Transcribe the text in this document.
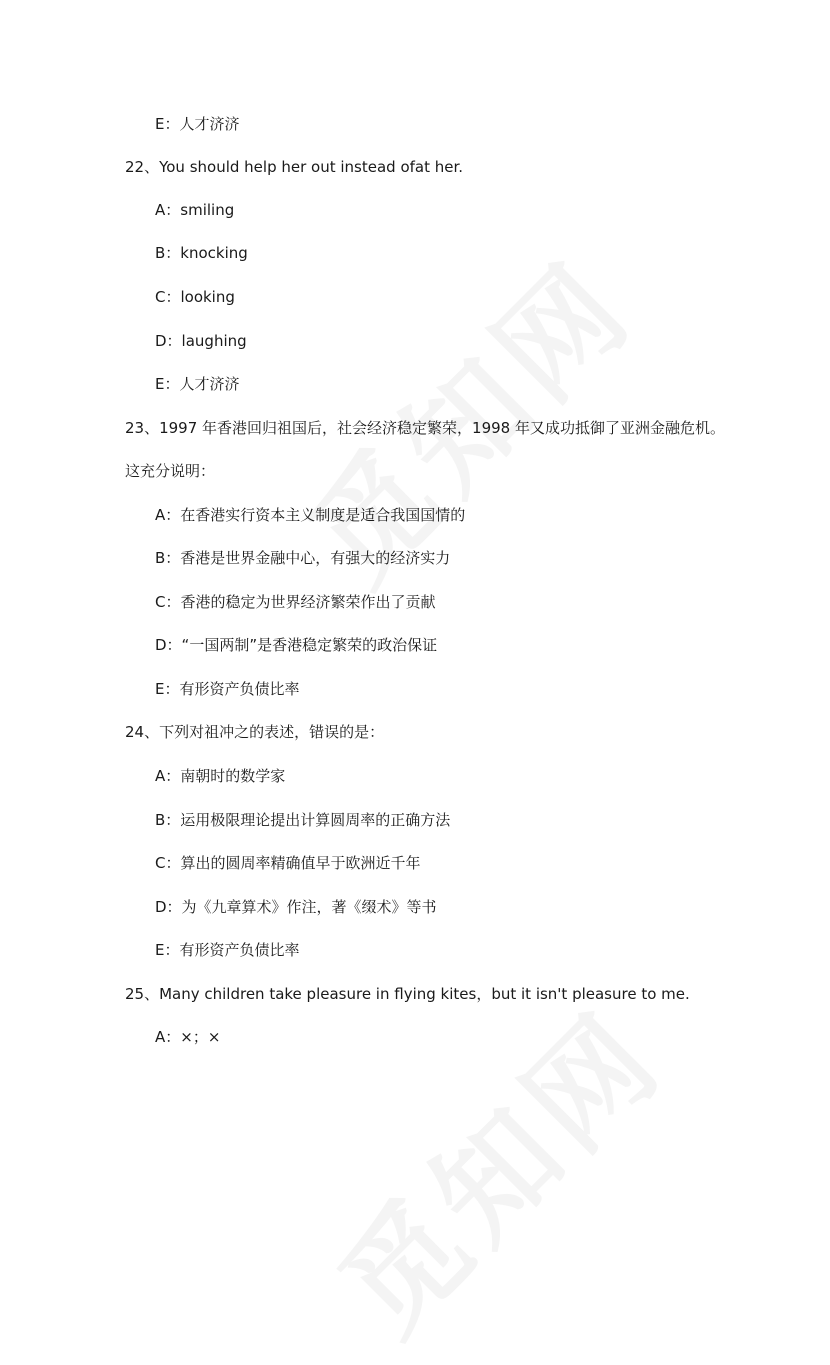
E：人才济济
22、You should help her out instead ofat her.
A：smiling
B：knocking
C：looking
D：laughing
E：人才济济
23、1997 年香港回归祖国后，社会经济稳定繁荣，1998 年又成功抵御了亚洲金融危机。
这充分说明：
A：在香港实行资本主义制度是适合我国国情的
B：香港是世界金融中心，有强大的经济实力
C：香港的稳定为世界经济繁荣作出了贡献
D：“一国两制”是香港稳定繁荣的政治保证
E：有形资产负债比率
24、下列对祖冲之的表述，错误的是：
A：南朝时的数学家
B：运用极限理论提出计算圆周率的正确方法
C：算出的圆周率精确值早于欧洲近千年
D：为《九章算术》作注，著《缀术》等书
E：有形资产负债比率
25、Many children take pleasure in flying kites，but it isn't pleasure to me.
A：×；×
